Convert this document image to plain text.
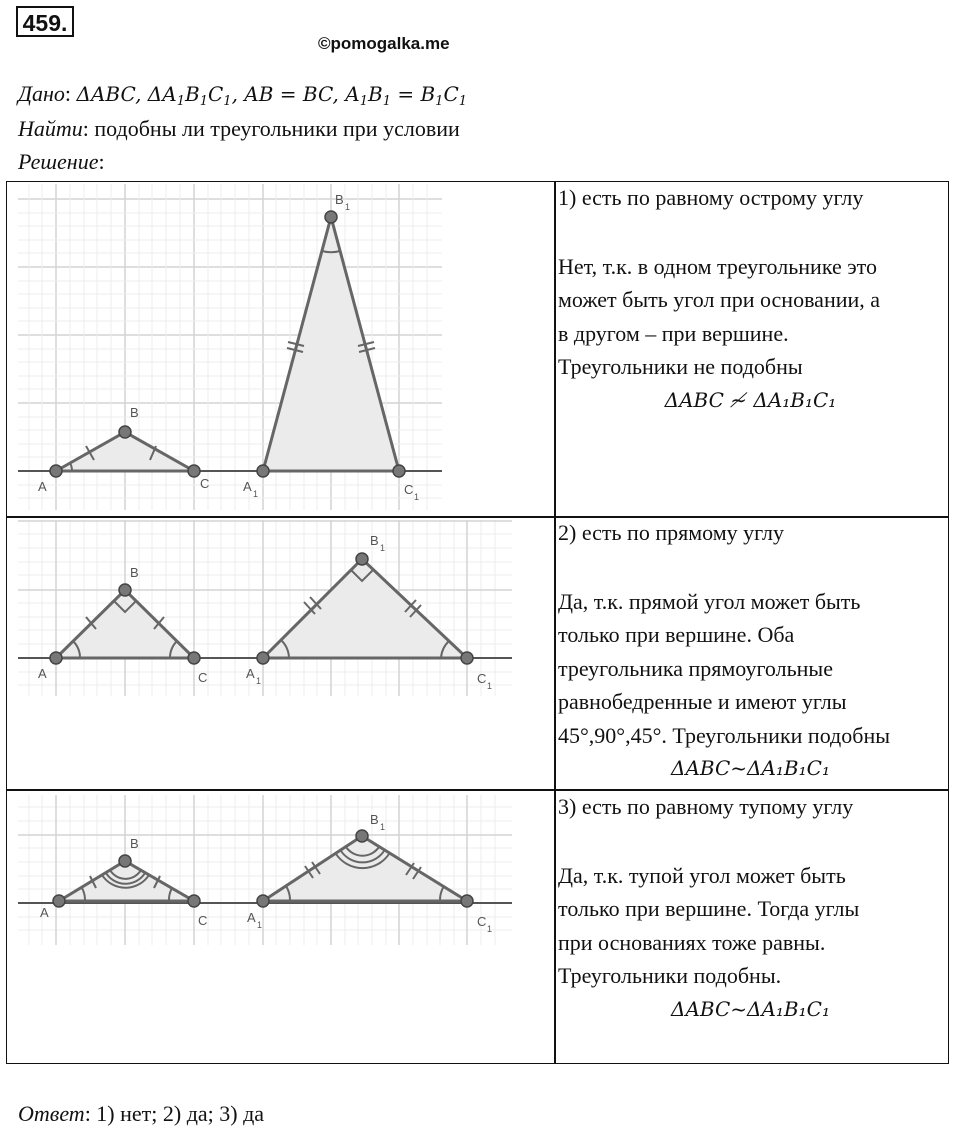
459.
©pomogalka.me
Дано: ΔABC, $\Delta A_1B_1C_1$, AB = BC, $A_1B_1 = B_1C_1$
Найти: подобны ли треугольники при условии
Решение:
1) есть по равному острому углу
Нет, т.к. в одном треугольнике это
может быть угол при основании, а
в другом – при вершине.
Треугольники не подобны
ΔABC ≁ ΔA₁B₁C₁
2) есть по прямому углу
Да, т.к. прямой угол может быть
только при вершине. Оба
треугольника прямоугольные
равнобедренные и имеют углы
45°,90°,45°. Треугольники подобны
ΔABC~ΔA₁B₁C₁
3) есть по равному тупому углу
Да, т.к. тупой угол может быть
только при вершине. Тогда углы
при основаниях тоже равны.
Треугольники подобны.
ΔABC~ΔA₁B₁C₁
A
B
C	A 1
B 1
C 1
A
B
C	A 1
B 1
C 1
A
B
C	A 1
B 1
C 1
Ответ: 1) нет; 2) да; 3) да
